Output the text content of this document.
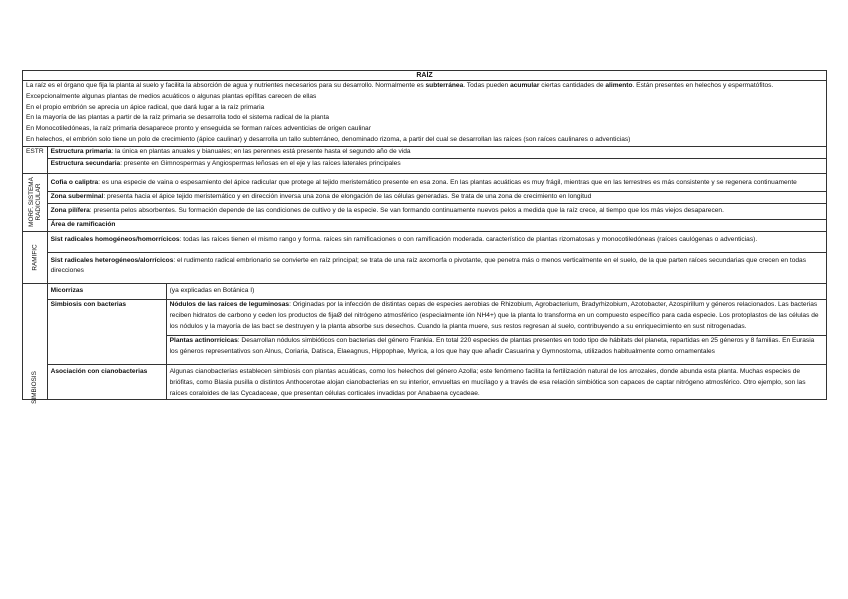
RAÍZ		

La raíz es el órgano que fija la planta al suelo y facilita la absorción de agua y nutrientes necesarios para su desarrollo. Normalmente es subterránea. Todas pueden acumular ciertas cantidades de alimento. Están presentes en helechos y espermatófitos. Excepcionalmente algunas plantas de medios acuáticos o algunas plantas epífitas carecen de ellas

En el propio embrión se aprecia un ápice radical, que dará lugar a la raíz primaria

En la mayoría de las plantas a partir de la raíz primaria se desarrolla todo el sistema radical de la planta

En Monocotiledóneas, la raíz primaria desaparece pronto y enseguida se forman raíces adventicias de origen caulinar

En helechos, el embrión solo tiene un polo de crecimiento (ápice caulinar) y desarrolla un tallo subterráneo, denominado rizoma, a partir del cual se desarrollan las raíces (son raíces caulinares o adventicias)		

ESTR	Estructura primaria: la única en plantas anuales y bianuales; en las perennes está presente hasta el segundo año de vida	
	Estructura secundaria: presente en Gimnospermas y Angiospermas leñosas en el eje y las raíces laterales principales	

MORF. SISTEMA
RADICULAR	Cofia o caliptra: es una especie de vaina o espesamiento del ápice radicular que protege al tejido meristemático presente en esa zona. En las plantas acuáticas es muy frágil, mientras que en las terrestres es más consistente y se regenera continuamente	
	Zona suberminal: presenta hacia el ápice tejido meristemático y en dirección inversa una zona de elongación de las células generadas. Se trata de una zona de crecimiento en longitud	
	Zona pilífera: presenta pelos absorbentes. Su formación depende de las condiciones de cultivo y de la especie. Se van formando continuamente nuevos pelos a medida que la raíz crece, al tiempo que los más viejos desaparecen.	
	Área de ramificación	

RAMIFIC	Sist radicales homogéneos/homorrícicos: todas las raíces tienen el mismo rango y forma. raíces sin ramificaciones o con ramificación moderada. característico de plantas rizomatosas y monocotiledóneas (raíces caulógenas o adventicias).	
	Sist radicales heterogéneos/alorrícicos: el rudimento radical embrionario se convierte en raíz principal; se trata de una raíz axomorfa o pivotante, que penetra más o menos verticalmente en el suelo, de la que parten raíces secundarias que crecen en todas direcciones	

SIMBIOSIS	Micorrizas	(ya explicadas en Botánica I)
	Simbiosis con bacterias	Nódulos de las raíces de leguminosas: Originadas por la infección de distintas cepas de especies aerobias de Rhizobium, Agrobacterium, Bradyrhizobium, Azotobacter, Azospirillum y géneros relacionados. Las bacterias reciben hidratos de carbono y ceden los productos de fijaØ del nitrógeno atmosférico (especialmente ión NH4+) que la planta lo transforma en un compuesto específico para cada especie. Los protoplastos de las células de los nódulos y la mayoría de las bact se destruyen y la planta absorbe sus desechos. Cuando la planta muere, sus restos regresan al suelo, contribuyendo a su enriquecimiento en sust nitrogenadas.
		Plantas actinorrícicas: Desarrollan nódulos simbióticos con bacterias del género Frankia. En total 220 especies de plantas presentes en todo tipo de hábitats del planeta, repartidas en 25 géneros y 8 familias. En Eurasia los géneros representativos son Alnus, Coriaria, Datisca, Elaeagnus, Hippophae, Myrica, a los que hay que añadir Casuarina y Gymnostoma, utilizados habitualmente como ornamentales
	Asociación con cianobacterias	Algunas cianobacterias establecen simbiosis con plantas acuáticas, como los helechos del género Azolla; este fenómeno facilita la fertilización natural de los arrozales, donde abunda esta planta. Muchas especies de briófitas, como Blasia pusilla o distintos Anthocerotae alojan cianobacterias en su interior, envueltas en mucílago y a través de esa relación simbiótica son capaces de captar nitrógeno atmosférico. Otro ejemplo, son las raíces coraloides de las Cycadaceae, que presentan células corticales invadidas por Anabaena cycadeae.
